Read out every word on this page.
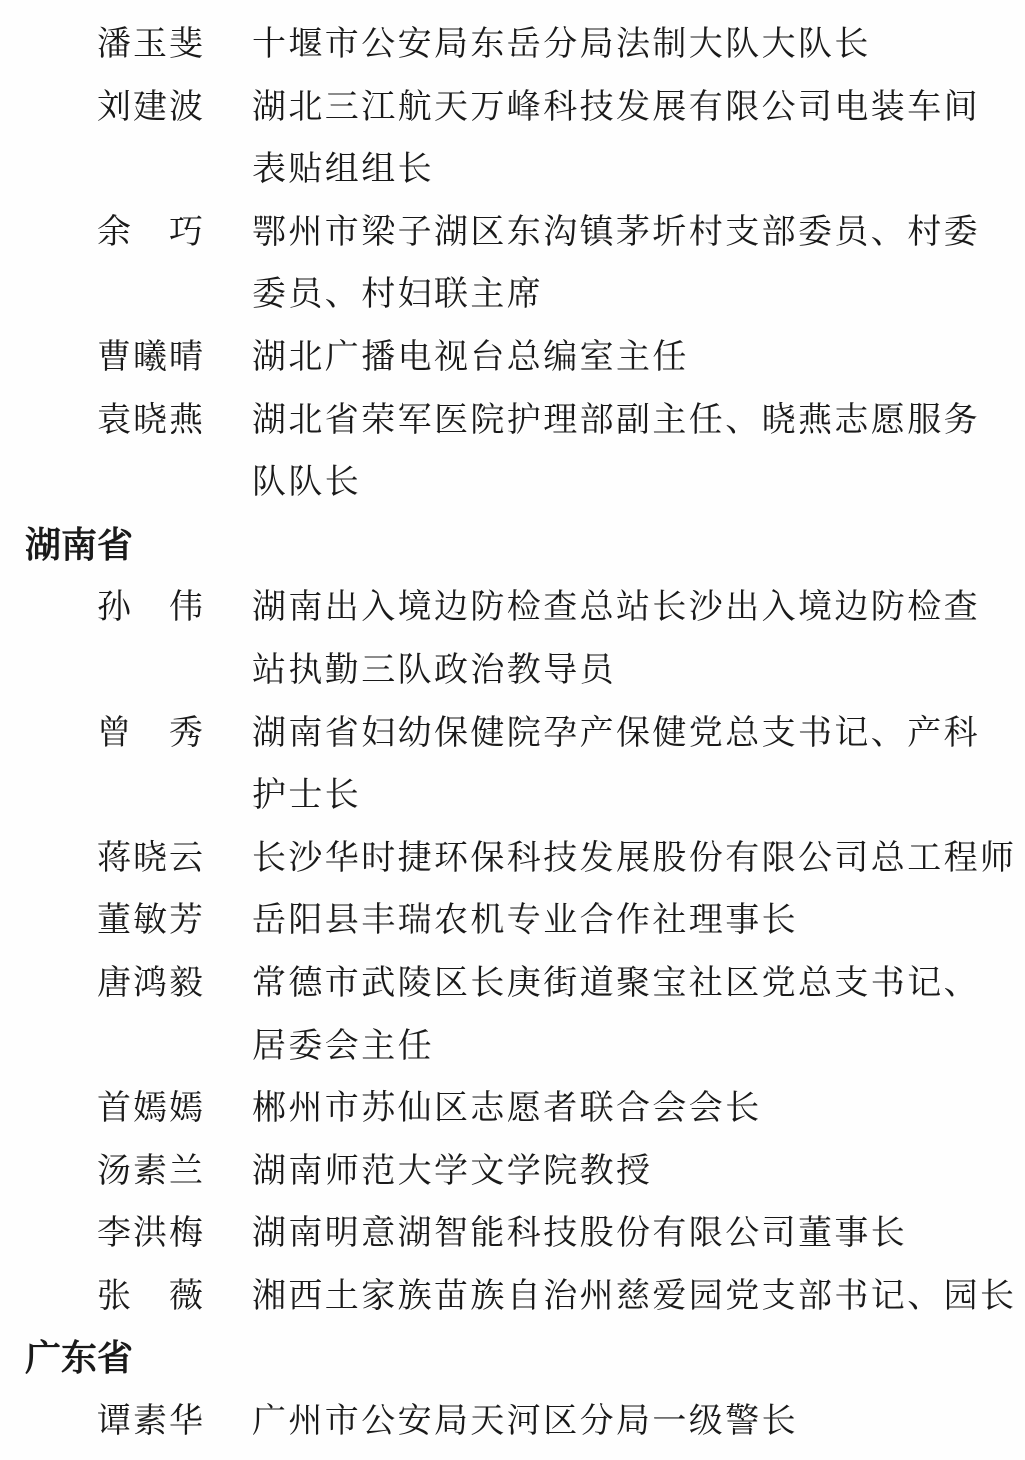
潘玉斐 十堰市公安局东岳分局法制大队大队长
刘建波 湖北三江航天万峰科技发展有限公司电装车间
表贴组组长
余　巧 鄂州市梁子湖区东沟镇茅圻村支部委员、村委
委员、村妇联主席
曹曦晴 湖北广播电视台总编室主任
袁晓燕 湖北省荣军医院护理部副主任、晓燕志愿服务
队队长
湖南省
孙　伟 湖南出入境边防检查总站长沙出入境边防检查
站执勤三队政治教导员
曾　秀 湖南省妇幼保健院孕产保健党总支书记、产科
护士长
蒋晓云 长沙华时捷环保科技发展股份有限公司总工程师
董敏芳 岳阳县丰瑞农机专业合作社理事长
唐鸿毅 常德市武陵区长庚街道聚宝社区党总支书记、
居委会主任
首嫣嫣 郴州市苏仙区志愿者联合会会长
汤素兰 湖南师范大学文学院教授
李洪梅 湖南明意湖智能科技股份有限公司董事长
张　薇 湘西土家族苗族自治州慈爱园党支部书记、园长
广东省
谭素华 广州市公安局天河区分局一级警长
